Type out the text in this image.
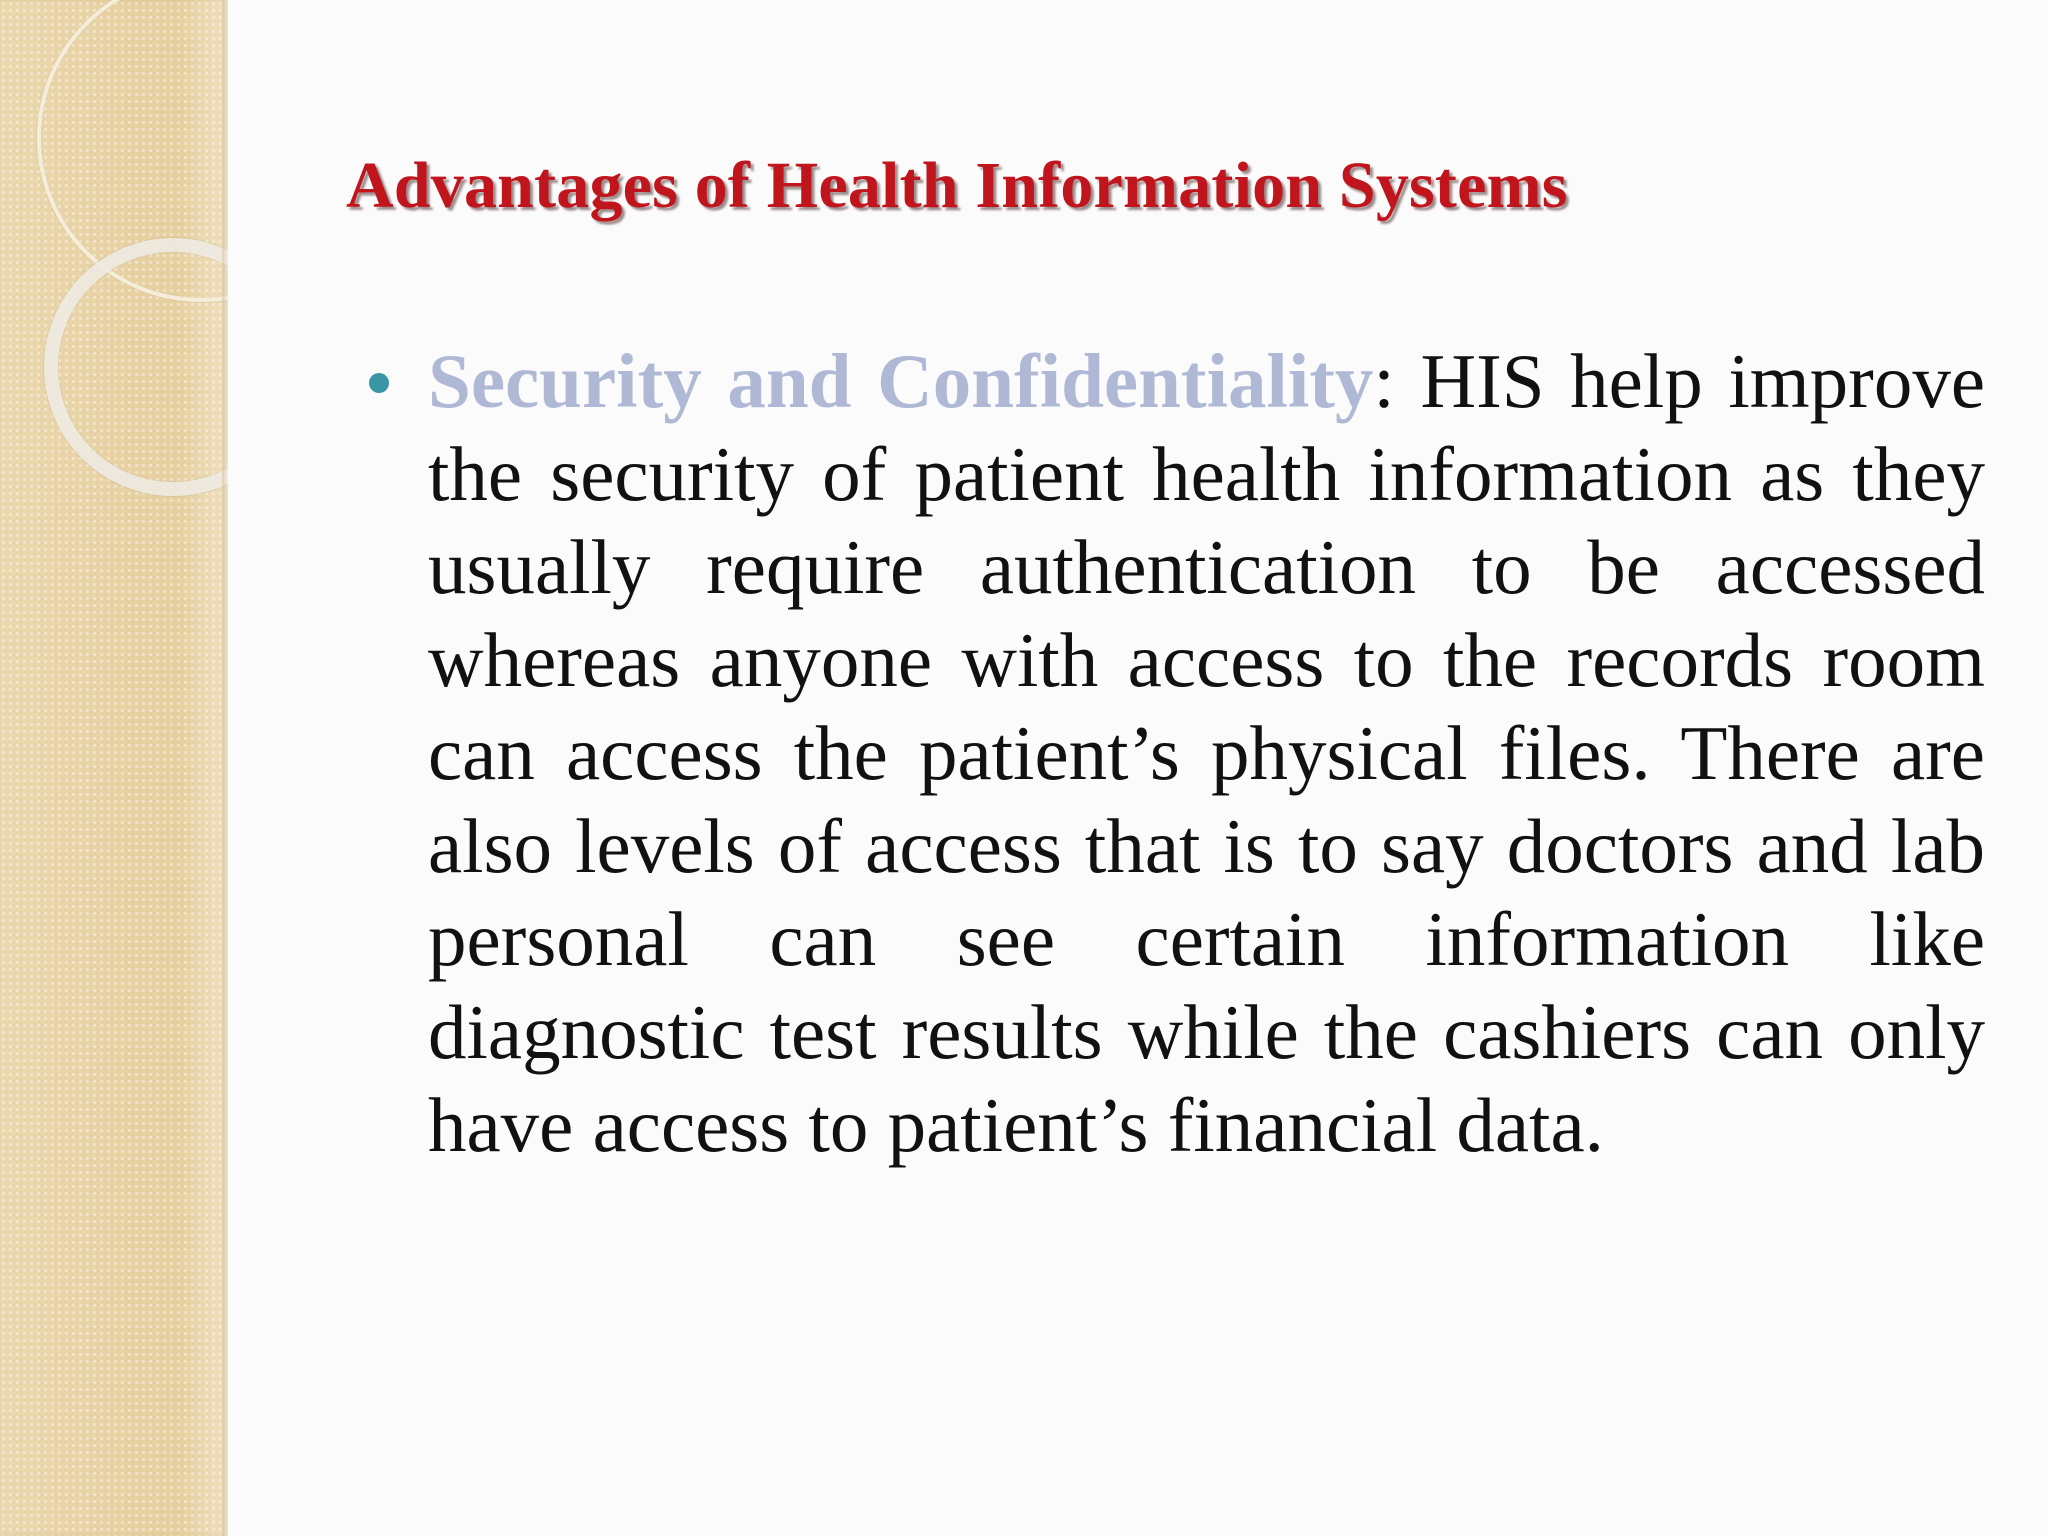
Advantages of Health Information Systems

Security and Confidentiality: HIS help improve the security of patient health information as they usually require authentication to be accessed whereas anyone with access to the records room can access the patient’s physical files. There are also levels of access that is to say doctors and lab personal can see certain information like diagnostic test results while the cashiers can only have access to patient’s financial data.
